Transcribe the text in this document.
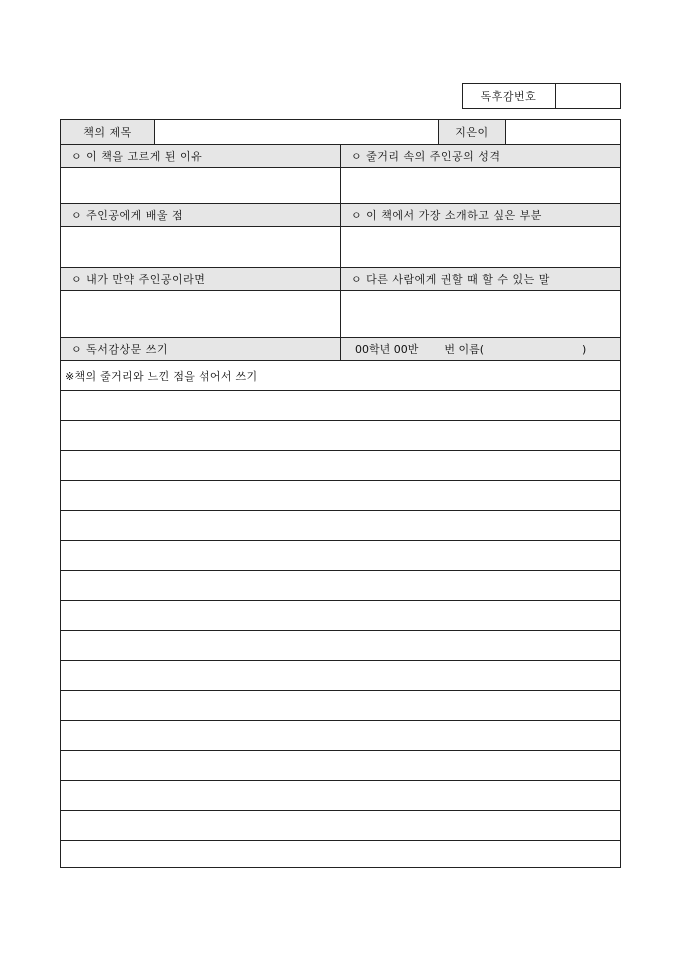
독후감번호
책의 제목	지은이
ㅇ 이 책을 고르게 된 이유	ㅇ 줄거리 속의 주인공의 성격
ㅇ 주인공에게 배울 점	ㅇ 이 책에서 가장 소개하고 싶은 부분
ㅇ 내가 만약 주인공이라면	ㅇ 다른 사람에게 권할 때 할 수 있는 말
ㅇ 독서감상문 쓰기	00학년 00반 번 이름(	)
※책의 줄거리와 느낀 점을 섞어서 쓰기
